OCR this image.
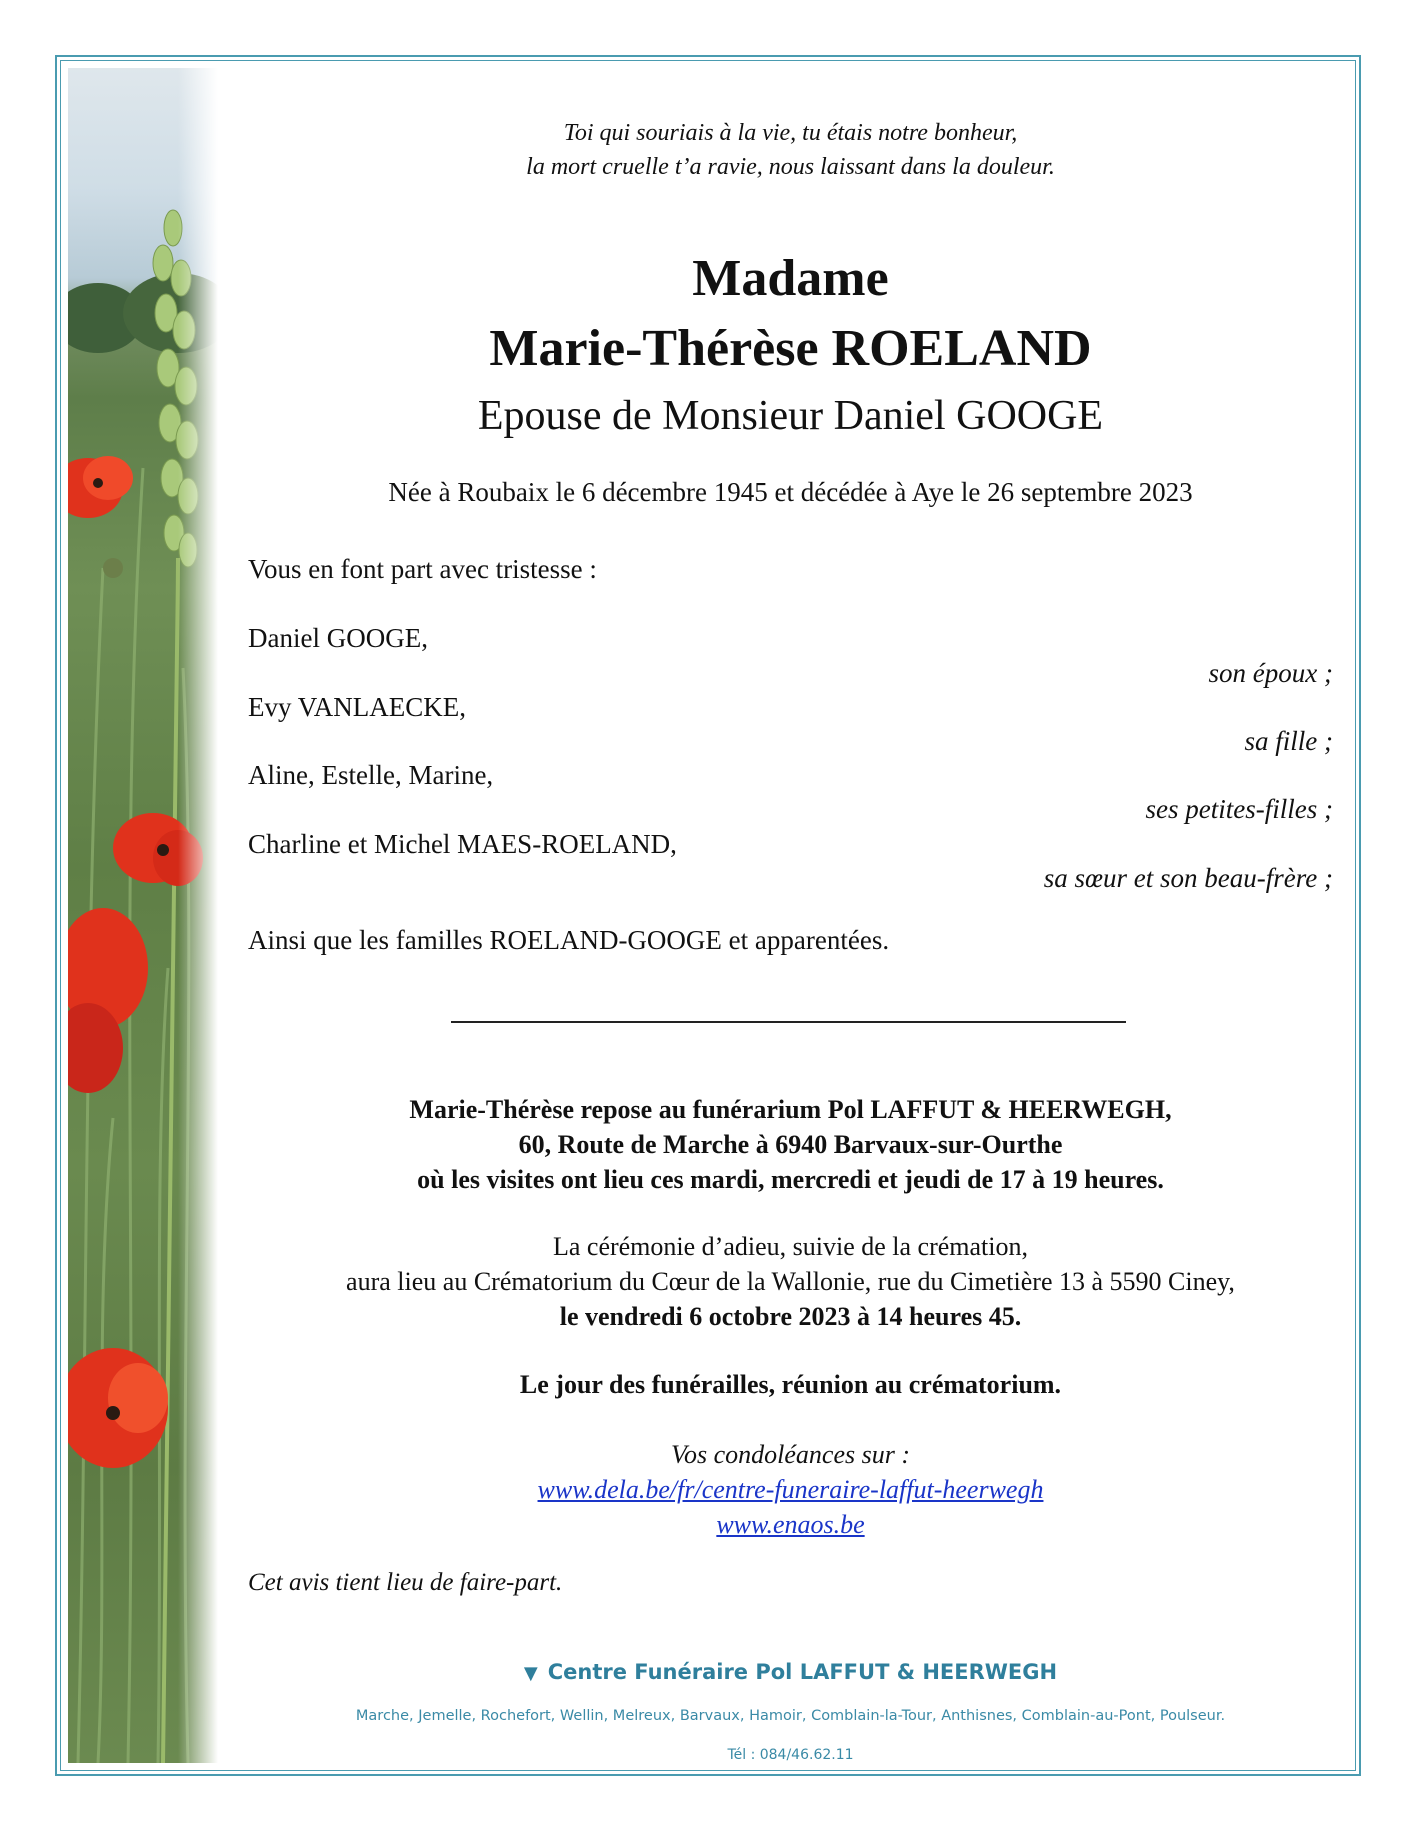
Toi qui souriais à la vie, tu étais notre bonheur,
la mort cruelle t’a ravie, nous laissant dans la douleur.
Madame
Marie-Thérèse ROELAND
Epouse de Monsieur Daniel GOOGE
Née à Roubaix le 6 décembre 1945 et décédée à Aye le 26 septembre 2023
Vous en font part avec tristesse :
Daniel GOOGE,
son époux ;
Evy VANLAECKE,
sa fille ;
Aline, Estelle, Marine,
ses petites-filles ;
Charline et Michel MAES-ROELAND,
sa sœur et son beau-frère ;
Ainsi que les familles ROELAND-GOOGE et apparentées.
Marie-Thérèse repose au funérarium Pol LAFFUT & HEERWEGH,
60, Route de Marche à 6940 Barvaux-sur-Ourthe
où les visites ont lieu ces mardi, mercredi et jeudi de 17 à 19 heures.
La cérémonie d’adieu, suivie de la crémation,
aura lieu au Crématorium du Cœur de la Wallonie, rue du Cimetière 13 à 5590 Ciney,
le vendredi 6 octobre 2023 à 14 heures 45.
Le jour des funérailles, réunion au crématorium.
Vos condoléances sur :
www.dela.be/fr/centre-funeraire-laffut-heerwegh
www.enaos.be
Cet avis tient lieu de faire-part.
▼ Centre Funéraire Pol LAFFUT & HEERWEGH
Marche, Jemelle, Rochefort, Wellin, Melreux, Barvaux, Hamoir, Comblain-la-Tour, Anthisnes, Comblain-au-Pont, Poulseur.
Tél : 084/46.62.11
